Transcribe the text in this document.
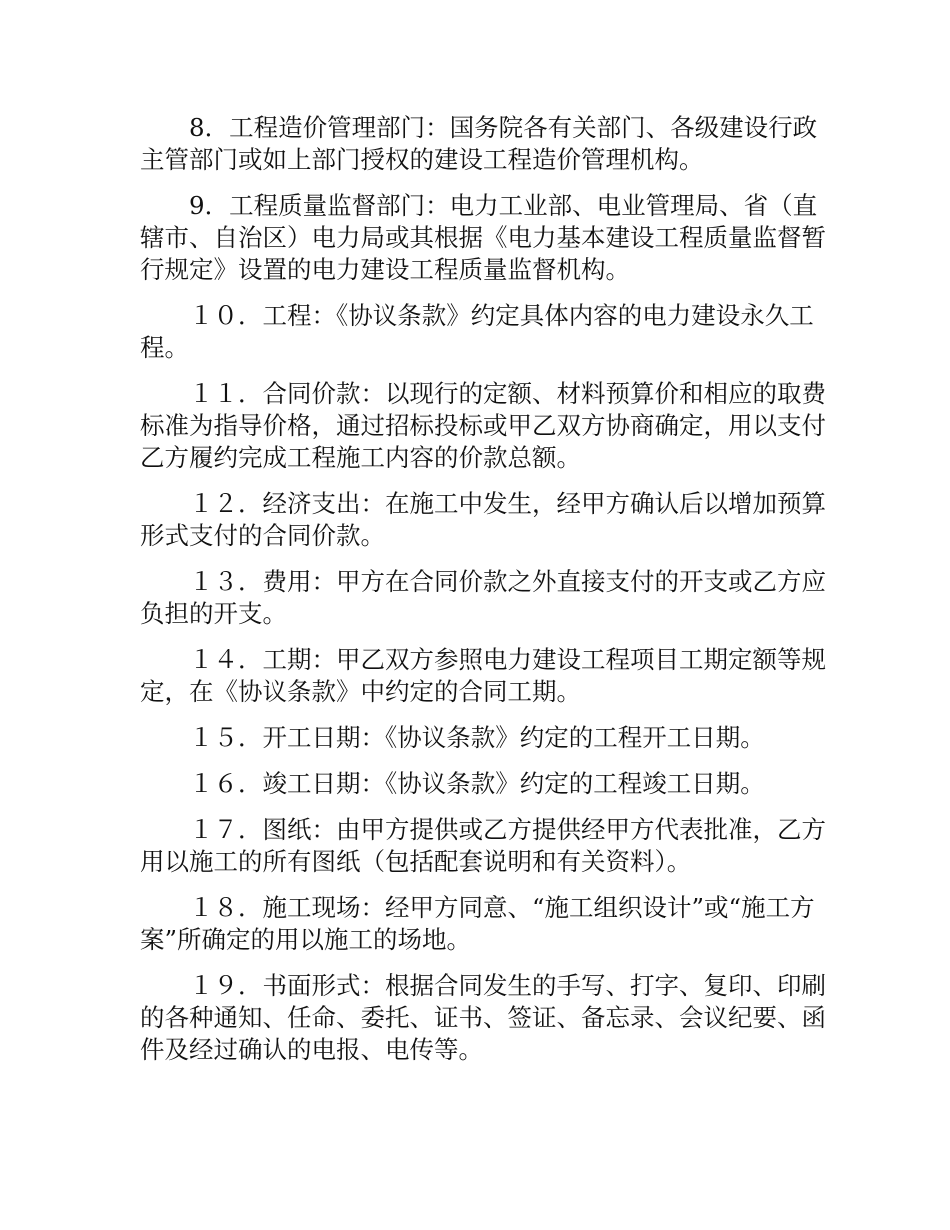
8．工程造价管理部门：国务院各有关部门、各级建设行政主管部门或如上部门授权的建设工程造价管理机构。

9．工程质量监督部门：电力工业部、电业管理局、省（直辖市、自治区）电力局或其根据《电力基本建设工程质量监督暂行规定》设置的电力建设工程质量监督机构。

１０．工程：《协议条款》约定具体内容的电力建设永久工程。

１１．合同价款：以现行的定额、材料预算价和相应的取费标准为指导价格，通过招标投标或甲乙双方协商确定，用以支付乙方履约完成工程施工内容的价款总额。

１２．经济支出：在施工中发生，经甲方确认后以增加预算形式支付的合同价款。

１３．费用：甲方在合同价款之外直接支付的开支或乙方应负担的开支。

１４．工期：甲乙双方参照电力建设工程项目工期定额等规定，在《协议条款》中约定的合同工期。

１５．开工日期：《协议条款》约定的工程开工日期。

１６．竣工日期：《协议条款》约定的工程竣工日期。

１７．图纸：由甲方提供或乙方提供经甲方代表批准，乙方用以施工的所有图纸（包括配套说明和有关资料）。

１８．施工现场：经甲方同意、“施工组织设计”或“施工方案”所确定的用以施工的场地。

１９．书面形式：根据合同发生的手写、打字、复印、印刷的各种通知、任命、委托、证书、签证、备忘录、会议纪要、函件及经过确认的电报、电传等。
